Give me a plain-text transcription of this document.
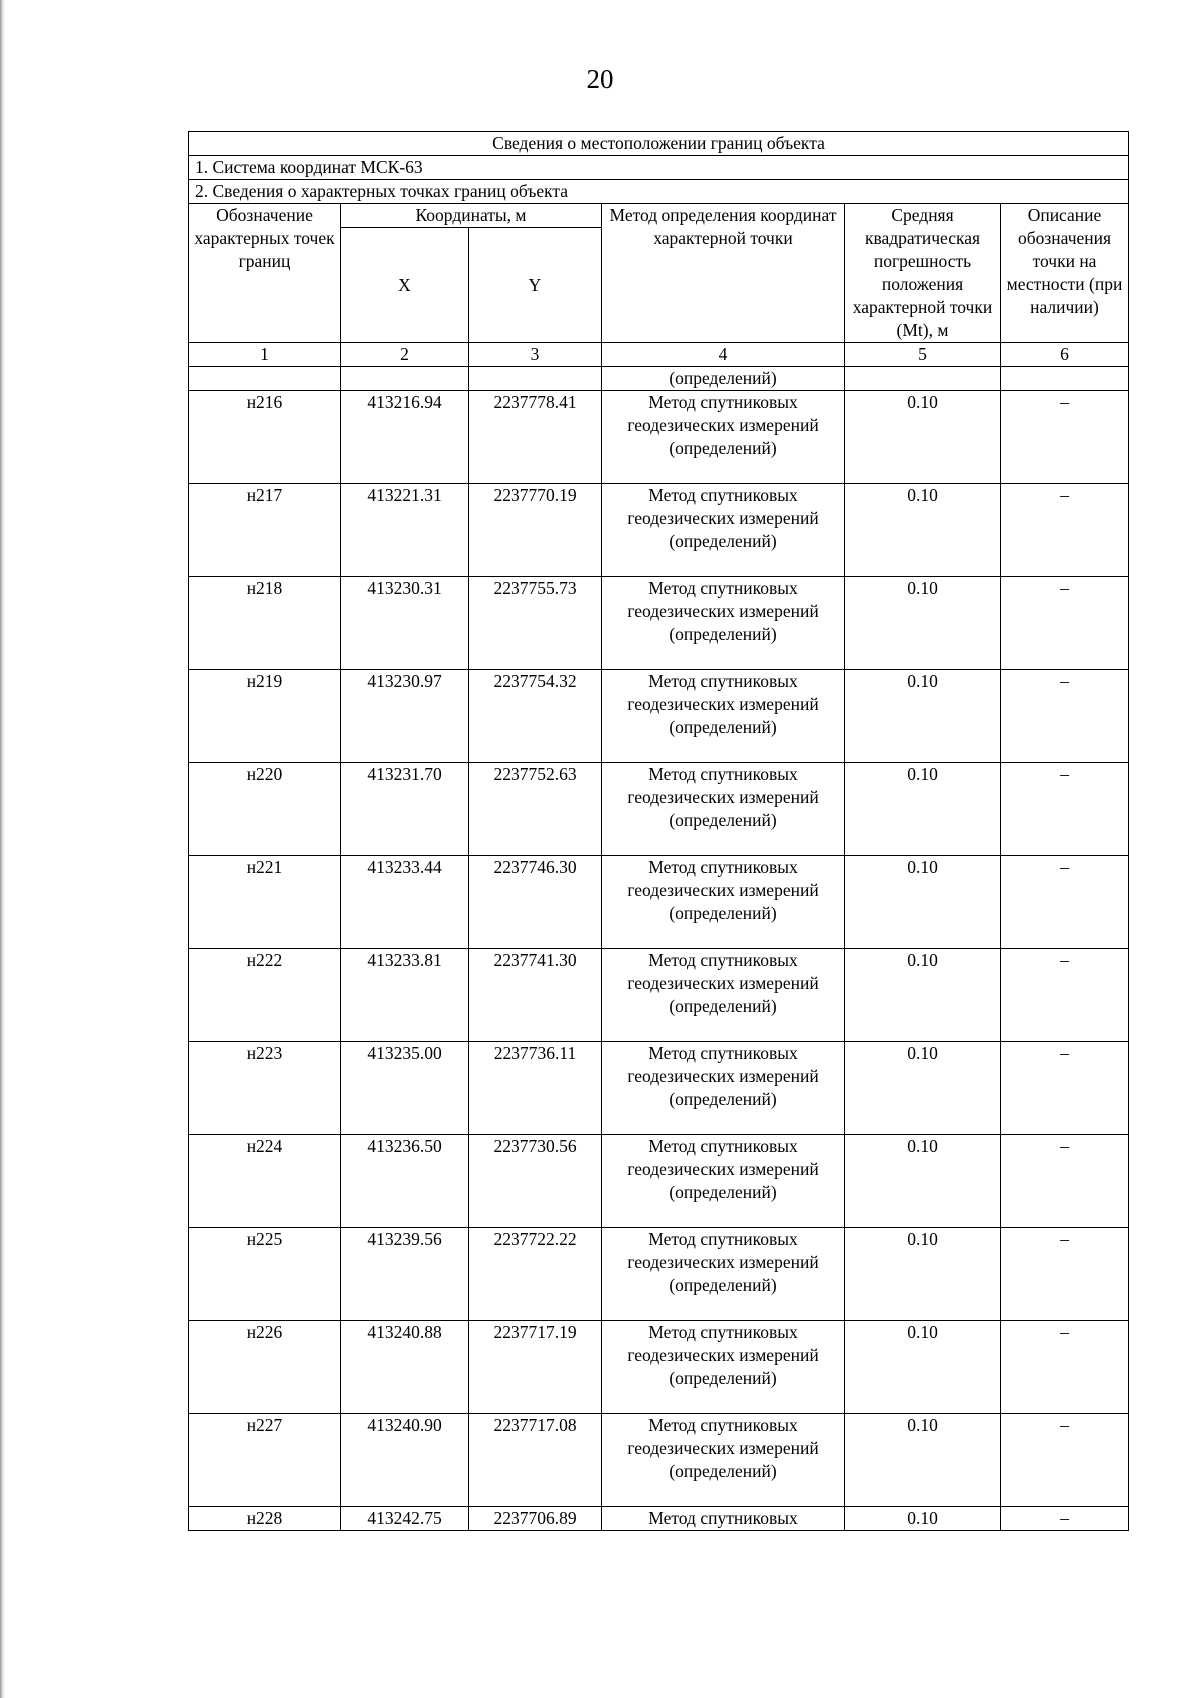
20
Сведения о местоположении границ объекта					
1. Система координат МСК-63					
2. Сведения о характерных точках границ объекта					
Обозначение характерных точек границ	Координаты, м		Метод определения координат характерной точки	Средняя квадратическая погрешность положения характерной точки (Mt), м	Описание обозначения точки на местности (при наличии)
	X	Y			
1	2	3	4	5	6
			(определений)		
н216	413216.94	2237778.41	Метод спутниковых геодезических измерений (определений)	0.10	–
н217	413221.31	2237770.19	Метод спутниковых геодезических измерений (определений)	0.10	–
н218	413230.31	2237755.73	Метод спутниковых геодезических измерений (определений)	0.10	–
н219	413230.97	2237754.32	Метод спутниковых геодезических измерений (определений)	0.10	–
н220	413231.70	2237752.63	Метод спутниковых геодезических измерений (определений)	0.10	–
н221	413233.44	2237746.30	Метод спутниковых геодезических измерений (определений)	0.10	–
н222	413233.81	2237741.30	Метод спутниковых геодезических измерений (определений)	0.10	–
н223	413235.00	2237736.11	Метод спутниковых геодезических измерений (определений)	0.10	–
н224	413236.50	2237730.56	Метод спутниковых геодезических измерений (определений)	0.10	–
н225	413239.56	2237722.22	Метод спутниковых геодезических измерений (определений)	0.10	–
н226	413240.88	2237717.19	Метод спутниковых геодезических измерений (определений)	0.10	–
н227	413240.90	2237717.08	Метод спутниковых геодезических измерений (определений)	0.10	–
н228	413242.75	2237706.89	Метод спутниковых	0.10	–
